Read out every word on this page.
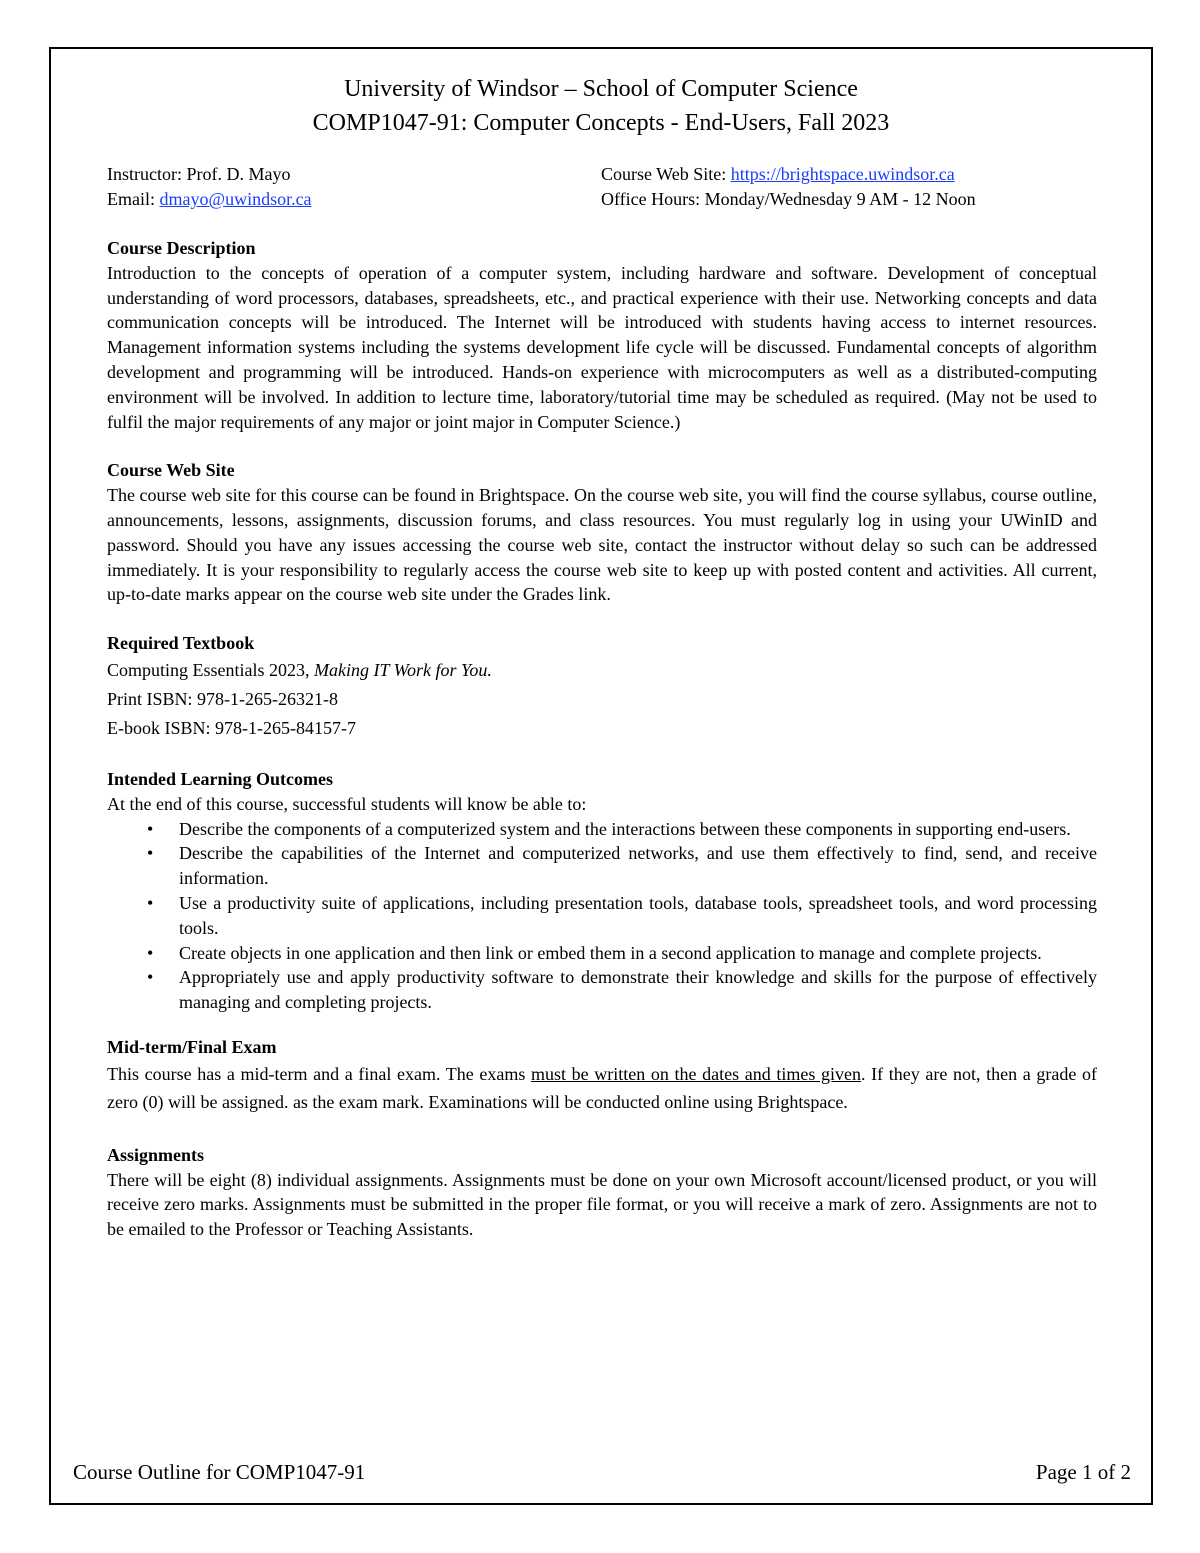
University of Windsor – School of Computer Science
COMP1047-91: Computer Concepts - End-Users, Fall 2023
Instructor: Prof. D. Mayo	Course Web Site: https://brightspace.uwindsor.ca
Email: dmayo@uwindsor.ca	Office Hours: Monday/Wednesday 9 AM - 12 Noon

Course Description

Introduction to the concepts of operation of a computer system, including hardware and software. Development of conceptual understanding of word processors, databases, spreadsheets, etc., and practical experience with their use. Networking concepts and data communication concepts will be introduced. The Internet will be introduced with students having access to internet resources. Management information systems including the systems development life cycle will be discussed. Fundamental concepts of algorithm development and programming will be introduced. Hands-on experience with microcomputers as well as a distributed-computing environment will be involved. In addition to lecture time, laboratory/tutorial time may be scheduled as required. (May not be used to fulfil the major requirements of any major or joint major in Computer Science.)

Course Web Site

The course web site for this course can be found in Brightspace. On the course web site, you will find the course syllabus, course outline, announcements, lessons, assignments, discussion forums, and class resources. You must regularly log in using your UWinID and password. Should you have any issues accessing the course web site, contact the instructor without delay so such can be addressed immediately. It is your responsibility to regularly access the course web site to keep up with posted content and activities. All current, up-to-date marks appear on the course web site under the Grades link.

Required Textbook

Computing Essentials 2023, Making IT Work for You.
Print ISBN: 978-1-265-26321-8
E-book ISBN: 978-1-265-84157-7

Intended Learning Outcomes

At the end of this course, successful students will know be able to:
• Describe the components of a computerized system and the interactions between these components in supporting end-users.
• Describe the capabilities of the Internet and computerized networks, and use them effectively to find, send, and receive information.
• Use a productivity suite of applications, including presentation tools, database tools, spreadsheet tools, and word processing tools.
• Create objects in one application and then link or embed them in a second application to manage and complete projects.
• Appropriately use and apply productivity software to demonstrate their knowledge and skills for the purpose of effectively managing and completing projects.

Mid-term/Final Exam

This course has a mid-term and a final exam. The exams must be written on the dates and times given. If they are not, then a grade of zero (0) will be assigned. as the exam mark. Examinations will be conducted online using Brightspace.

Assignments

There will be eight (8) individual assignments. Assignments must be done on your own Microsoft account/licensed product, or you will receive zero marks. Assignments must be submitted in the proper file format, or you will receive a mark of zero. Assignments are not to be emailed to the Professor or Teaching Assistants.
Course Outline for COMP1047-91	Page 1 of 2
